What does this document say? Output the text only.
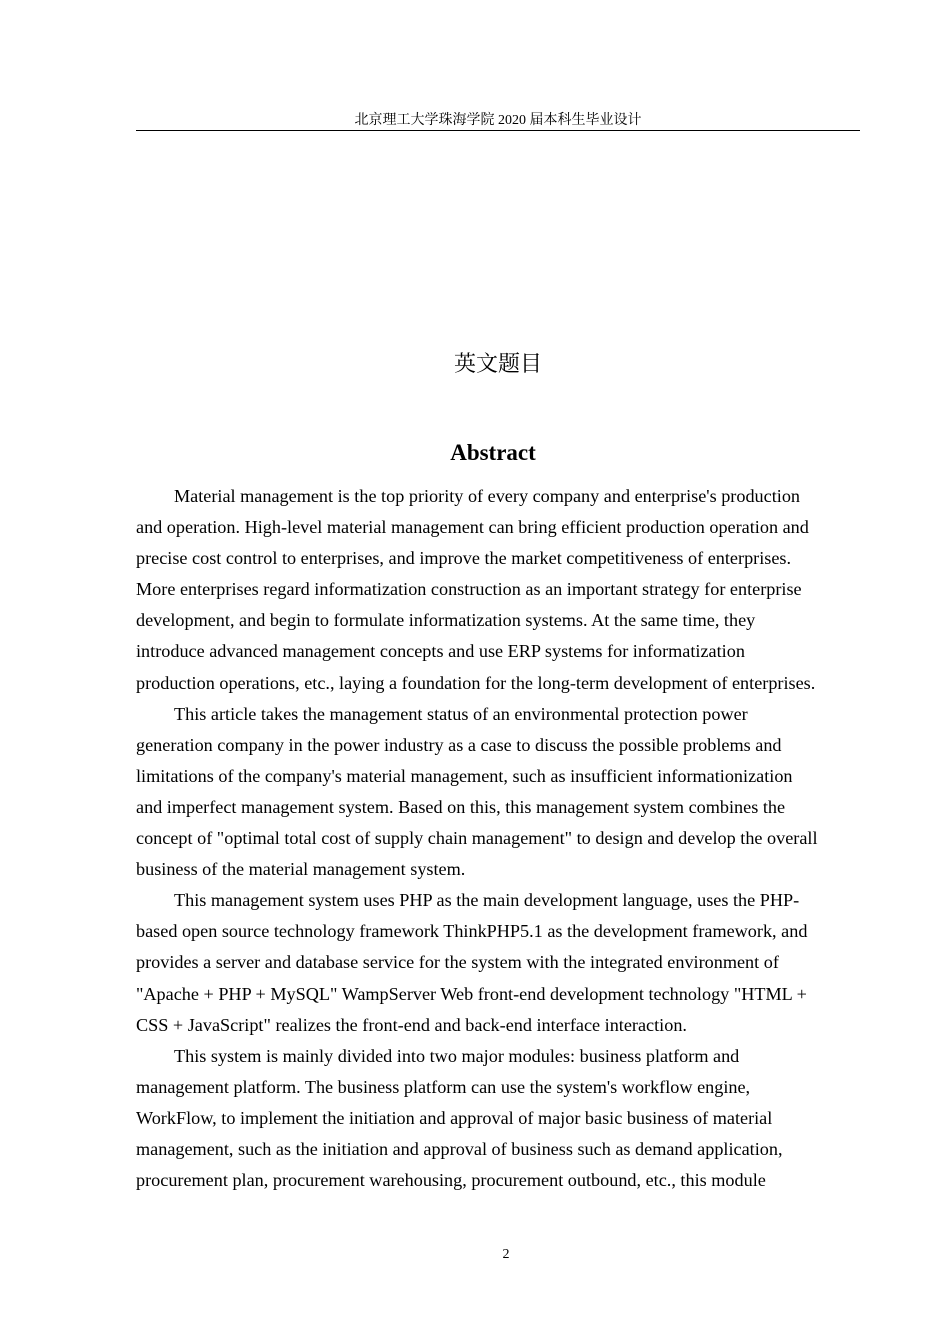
北京理工大学珠海学院 2020 届本科生毕业设计
英文题目
Abstract

Material management is the top priority of every company and enterprise's production
and operation. High-level material management can bring efficient production operation and
precise cost control to enterprises, and improve the market competitiveness of enterprises.
More enterprises regard informatization construction as an important strategy for enterprise
development, and begin to formulate informatization systems. At the same time, they
introduce advanced management concepts and use ERP systems for informatization
production operations, etc., laying a foundation for the long-term development of enterprises.

This article takes the management status of an environmental protection power
generation company in the power industry as a case to discuss the possible problems and
limitations of the company's material management, such as insufficient informationization
and imperfect management system. Based on this, this management system combines the
concept of "optimal total cost of supply chain management" to design and develop the overall
business of the material management system.

This management system uses PHP as the main development language, uses the PHP-
based open source technology framework ThinkPHP5.1 as the development framework, and
provides a server and database service for the system with the integrated environment of
"Apache + PHP + MySQL" WampServer Web front-end development technology "HTML +
CSS + JavaScript" realizes the front-end and back-end interface interaction.

This system is mainly divided into two major modules: business platform and
management platform. The business platform can use the system's workflow engine,
WorkFlow, to implement the initiation and approval of major basic business of material
management, such as the initiation and approval of business such as demand application,
procurement plan, procurement warehousing, procurement outbound, etc., this module

2
